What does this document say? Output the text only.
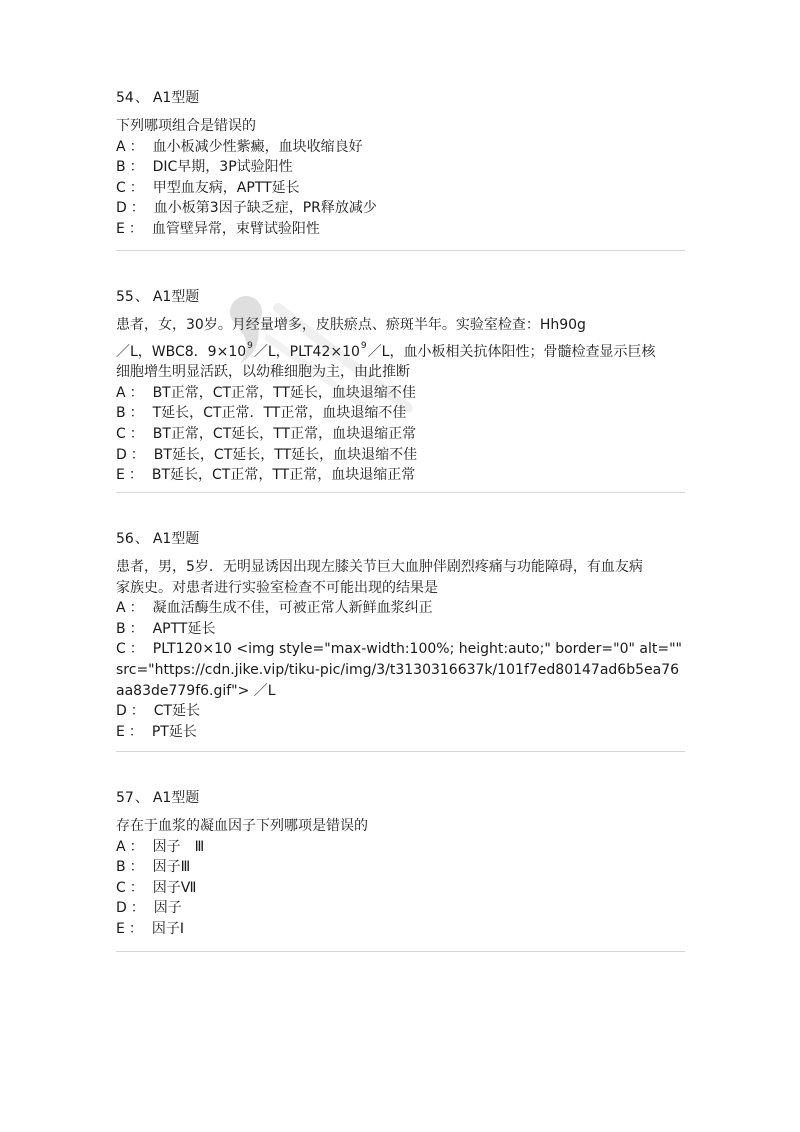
54、 A1型题
下列哪项组合是错误的
A ： 血小板减少性紫癜，血块收缩良好
B ： DIC早期，3P试验阳性
C ： 甲型血友病，APTT延长
D ： 血小板第3因子缺乏症，PR释放减少
E ： 血管壁异常，束臂试验阳性
55、 A1型题
患者，女，30岁。月经量增多，皮肤瘀点、瘀斑半年。实验室检查：Hh90g
／L，WBC8．$9\times 10^9/L$，$PLT42\times 10^9/L$，血小板相关抗体阳性；骨髓检查显示巨核
细胞增生明显活跃，以幼稚细胞为主，由此推断
A ： BT正常，CT正常，TT延长，血块退缩不佳
B ： T延长，CT正常．TT正常，血块退缩不佳
C ： BT正常，CT延长，TT正常，血块退缩正常
D ： BT延长，CT延长，TT延长，血块退缩不佳
E ： BT延长，CT正常，TT正常，血块退缩正常
56、 A1型题
患者，男，5岁．无明显诱因出现左膝关节巨大血肿伴剧烈疼痛与功能障碍，有血友病
家族史。对患者进行实验室检查不可能出现的结果是
A ： 凝血活酶生成不佳，可被正常人新鲜血浆纠正
B ： APTT延长
C ： PLT120×10 <img style="max-width:100%; height:auto;" border="0" alt="" src="https://cdn.jike.vip/tiku-pic/img/3/t3130316637k/101f7ed80147ad6b5ea76aa83de779f6.gif"> ／L
D ： CT延长
E ： PT延长
57、 A1型题
存在于血浆的凝血因子下列哪项是错误的
A ： 因子　Ⅲ
B ： 因子Ⅲ
C ： 因子Ⅶ
D ： 因子
E ： 因子Ⅰ
